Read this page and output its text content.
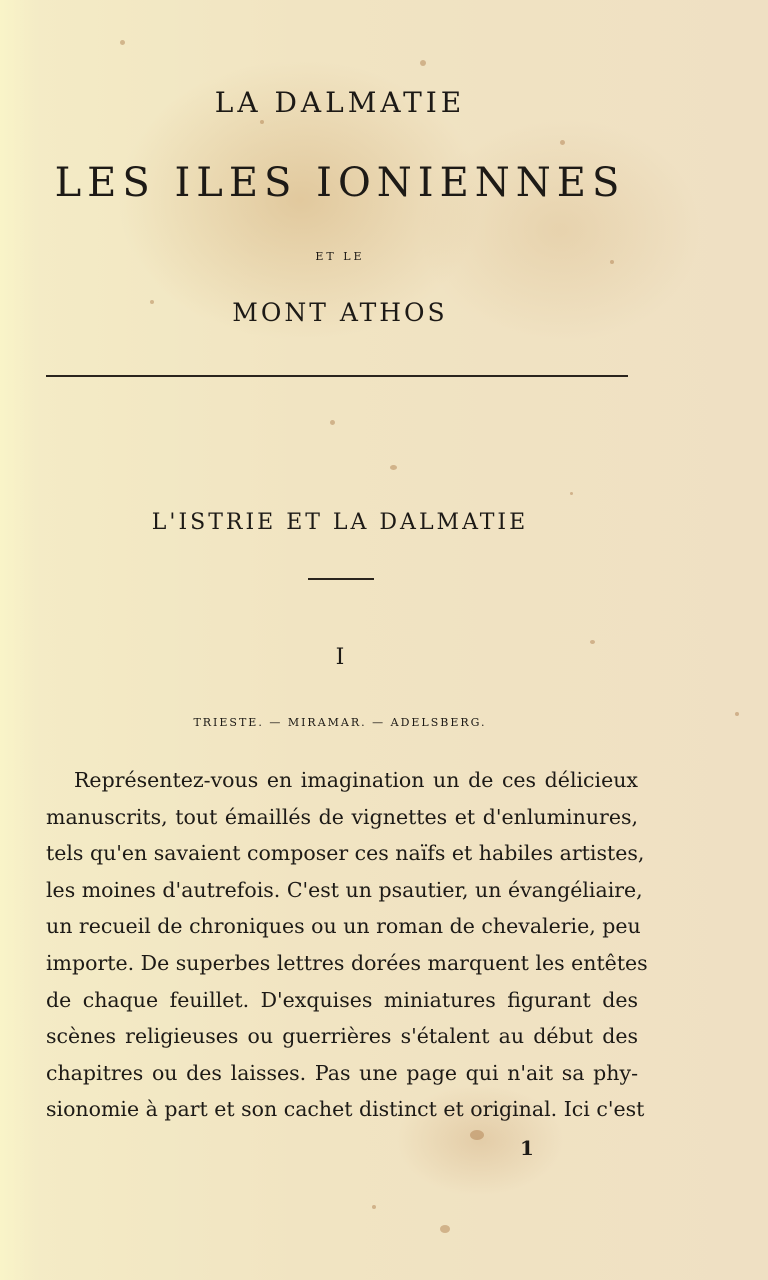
LA DALMATIE
LES ILES IONIENNES
ET LE
MONT ATHOS
L'ISTRIE ET LA DALMATIE
I
TRIESTE. — MIRAMAR. — ADELSBERG.
Représentez-vous en imagination un de ces délicieux
manuscrits, tout émaillés de vignettes et d'enluminures,
tels qu'en savaient composer ces naïfs et habiles artistes,
les moines d'autrefois. C'est un psautier, un évangéliaire,
un recueil de chroniques ou un roman de chevalerie, peu
importe. De superbes lettres dorées marquent les entêtes
de chaque feuillet. D'exquises miniatures figurant des
scènes religieuses ou guerrières s'étalent au début des
chapitres ou des laisses. Pas une page qui n'ait sa phy-
sionomie à part et son cachet distinct et original. Ici c'est
1
